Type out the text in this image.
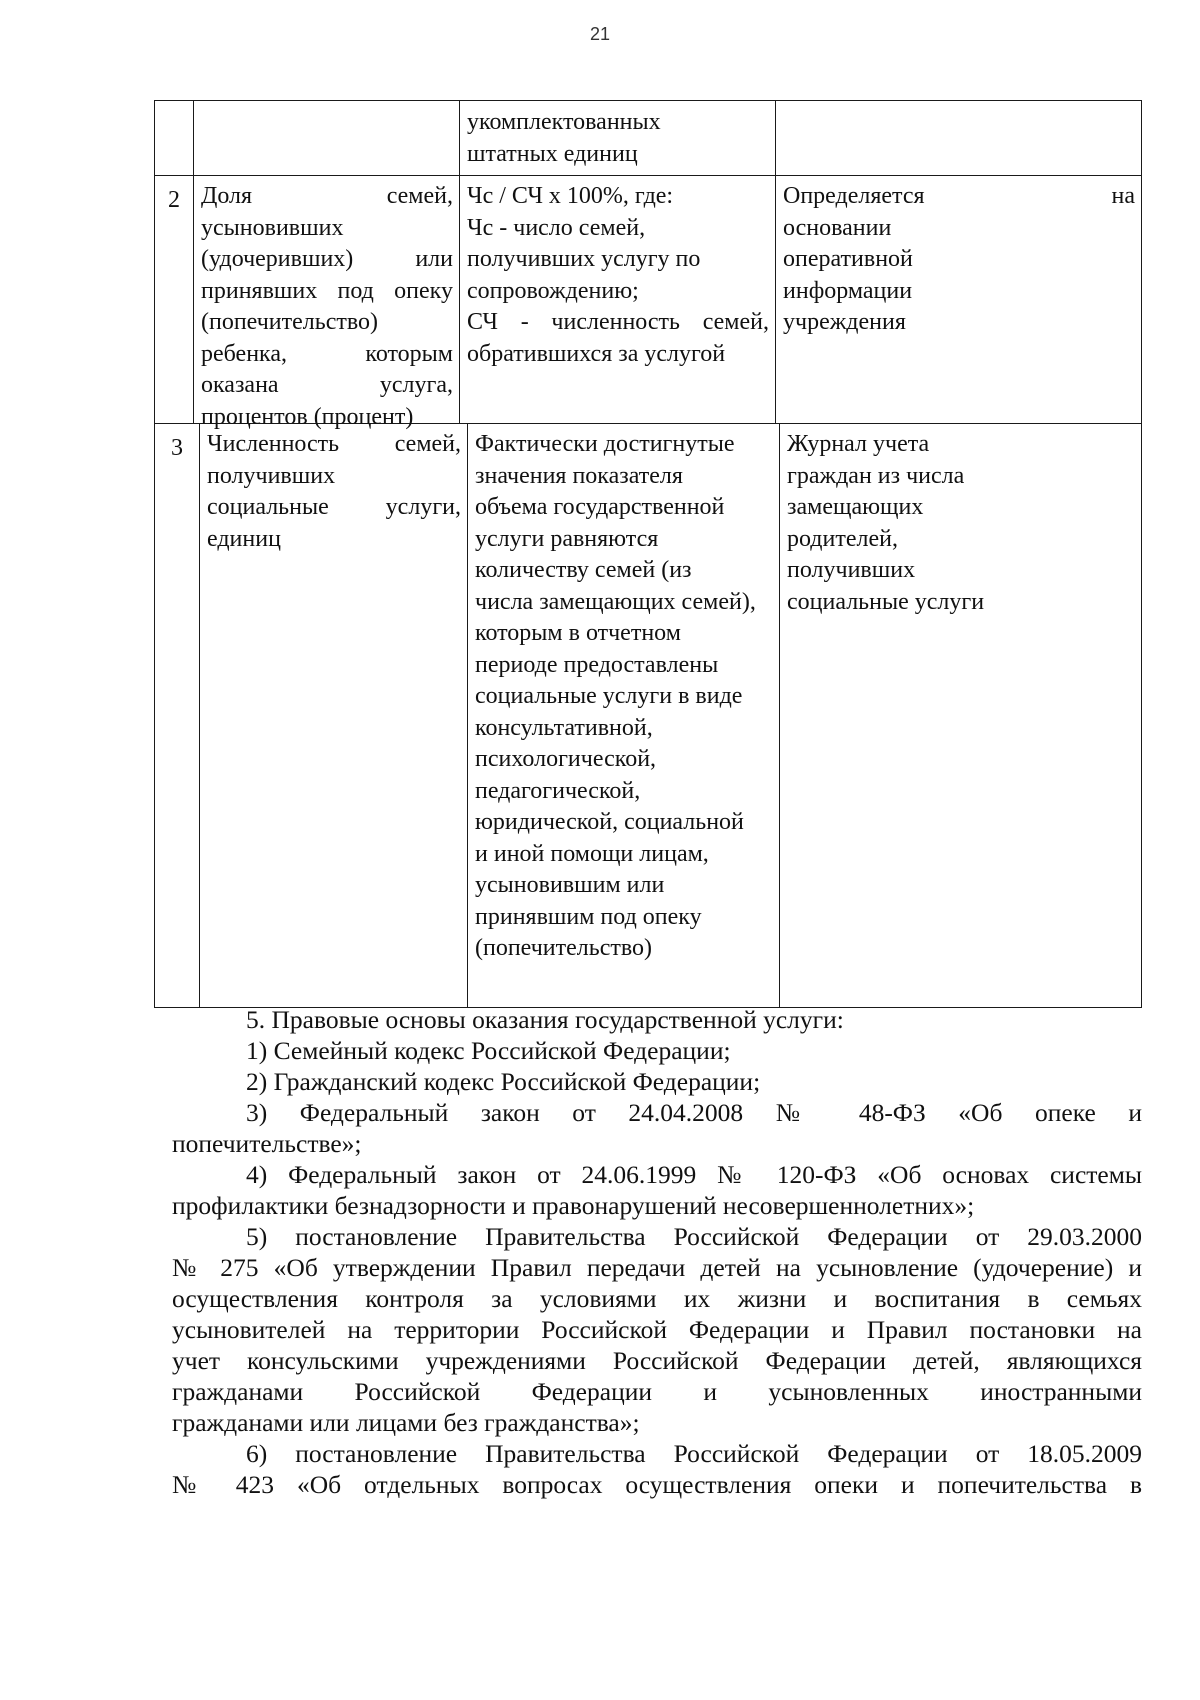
21

укомплектованных

штатных единиц

2 Доля семей,

усыновивших

(удочеривших) или

принявших под опеку

(попечительство)

ребенка, которым

оказана услуга,

процентов (процент)

Чс / СЧ х 100%, где:

Чс - число семей,

получивших услугу по

сопровождению;

СЧ - численность семей,

обратившихся за услугой

Определяется на

основании

оперативной

информации

учреждения

3	Численность семей,

получивших

социальные услуги,

единиц

Фактически достигнутые

значения показателя

объема государственной

услуги равняются

количеству семей (из

числа замещающих семей),

которым в отчетном

периоде предоставлены

социальные услуги в виде

консультативной,

психологической,

педагогической,

юридической, социальной

и иной помощи лицам,

усыновившим или

принявшим под опеку

(попечительство)

Журнал учета

граждан из числа

замещающих

родителей,

получивших

социальные услуги

5. Правовые основы оказания государственной услуги:

1) Семейный кодекс Российской Федерации;

2) Гражданский кодекс Российской Федерации;

3) Федеральный закон от 24.04.2008 № 48-ФЗ «Об опеке и

попечительстве»;

4) Федеральный закон от 24.06.1999 № 120-ФЗ «Об основах системы

профилактики безнадзорности и правонарушений несовершеннолетних»;

5) постановление Правительства Российской Федерации от 29.03.2000

№ 275 «Об утверждении Правил передачи детей на усыновление (удочерение) и

осуществления контроля за условиями их жизни и воспитания в семьях

усыновителей на территории Российской Федерации и Правил постановки на

учет консульскими учреждениями Российской Федерации детей, являющихся

гражданами Российской Федерации и усыновленных иностранными

гражданами или лицами без гражданства»;

6) постановление Правительства Российской Федерации от 18.05.2009

№ 423 «Об отдельных вопросах осуществления опеки и попечительства в
